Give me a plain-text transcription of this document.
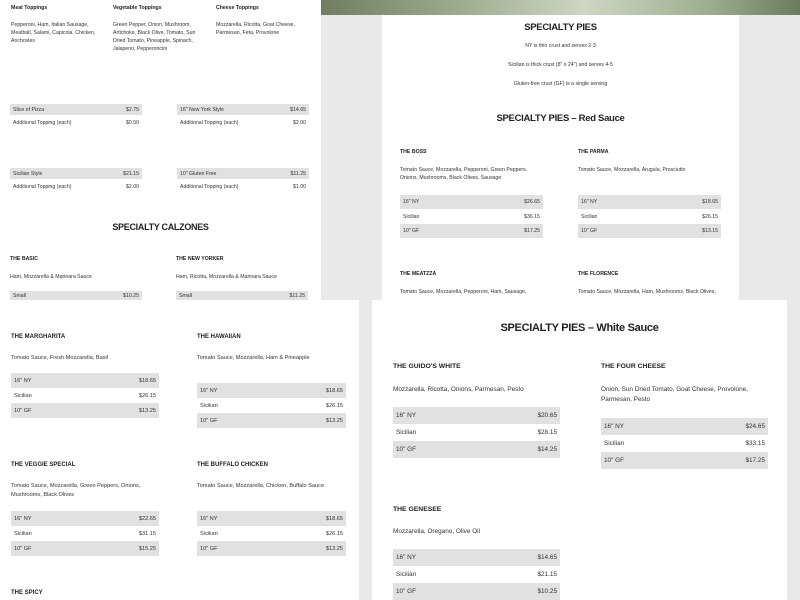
Meat Toppings
Pepperoni, Ham, Italian Sausage, Meatball, Salami, Capicola, Chicken, Anchovies
Vegetable Toppings
Green Pepper, Onion, Mushroom, Artichoke, Black Olive, Tomato, Sun Dried Tomato, Pineapple, Spinach, Jalapeno, Pepperoncini
Cheese Toppings
Mozzarella, Ricotta, Goat Cheese, Parmesan, Feta, Provolone
Slice of Pizza	$2.75
Additional Topping (each)	$0.50
16" New York Style	$14.65
Additional Topping (each)	$2.00
Sicilian Style	$21.15
Additional Topping (each)	$2.00
10" Gluten Free	$11.25
Additional Topping (each)	$1.00
SPECIALTY CALZONES
THE BASIC
Ham, Mozzarella & Marinara Sauce
Small	$10.25
THE NEW YORKER
Ham, Ricotta, Mozzarella & Marinara Sauce
Small	$11.25
SPECIALTY PIES
NY is thin crust and serves 2-3
Sicilian is thick crust (8" x 24") and serves 4-5
Gluten-free crust (GF) is a single serving
SPECIALTY PIES – Red Sauce
THE BOSS
Tomato Sauce, Mozzarella, Pepperoni, Green Peppers, Onions, Mushrooms, Black Olives, Sausage
16" NY	$26.65
Sicilian	$36.15
10" GF	$17.25
THE PARMA
Tomato Sauce, Mozzarella, Arugula, Prosciutto
16" NY	$18.65
Sicilian	$26.15
10" GF	$13.15
THE MEATZZA
Tomato Sauce, Mozzarella, Pepperoni, Ham, Sausage,
THE FLORENCE
Tomato Sauce, Mozzarella, Ham, Mushrooms, Black Olives,
THE MARGHARITA
Tomato Sauce, Fresh Mozzarella, Basil
16" NY	$18.65
Sicilian	$26.15
10" GF	$13.25
THE HAWAIIAN
Tomato Sauce, Mozzarella, Ham & Pineapple
16" NY	$18.65
Sicilian	$26.15
10" GF	$13.25
THE VEGGIE SPECIAL
Tomato Sauce, Mozzarella, Green Peppers, Onions, Mushrooms, Black Olives
16" NY	$22.65
Sicilian	$31.15
10" GF	$15.25
THE BUFFALO CHICKEN
Tomato Sauce, Mozzarella, Chicken, Buffalo Sauce
16" NY	$18.65
Sicilian	$26.15
10" GF	$13.25
THE SPICY
SPECIALTY PIES – White Sauce
THE GUIDO'S WHITE
Mozzarella, Ricotta, Onions, Parmesan, Pesto
16" NY	$20.65
Sicilian	$28.15
10" GF	$14.25
THE FOUR CHEESE
Onion, Sun Dried Tomato, Goat Cheese, Provolone, Parmesan, Pesto
16" NY	$24.65
Sicilian	$33.15
10" GF	$17.25
THE GENESEE
Mozzarella, Oregano, Olive Oil
16" NY	$14.65
Sicilian	$21.15
10" GF	$10.25
